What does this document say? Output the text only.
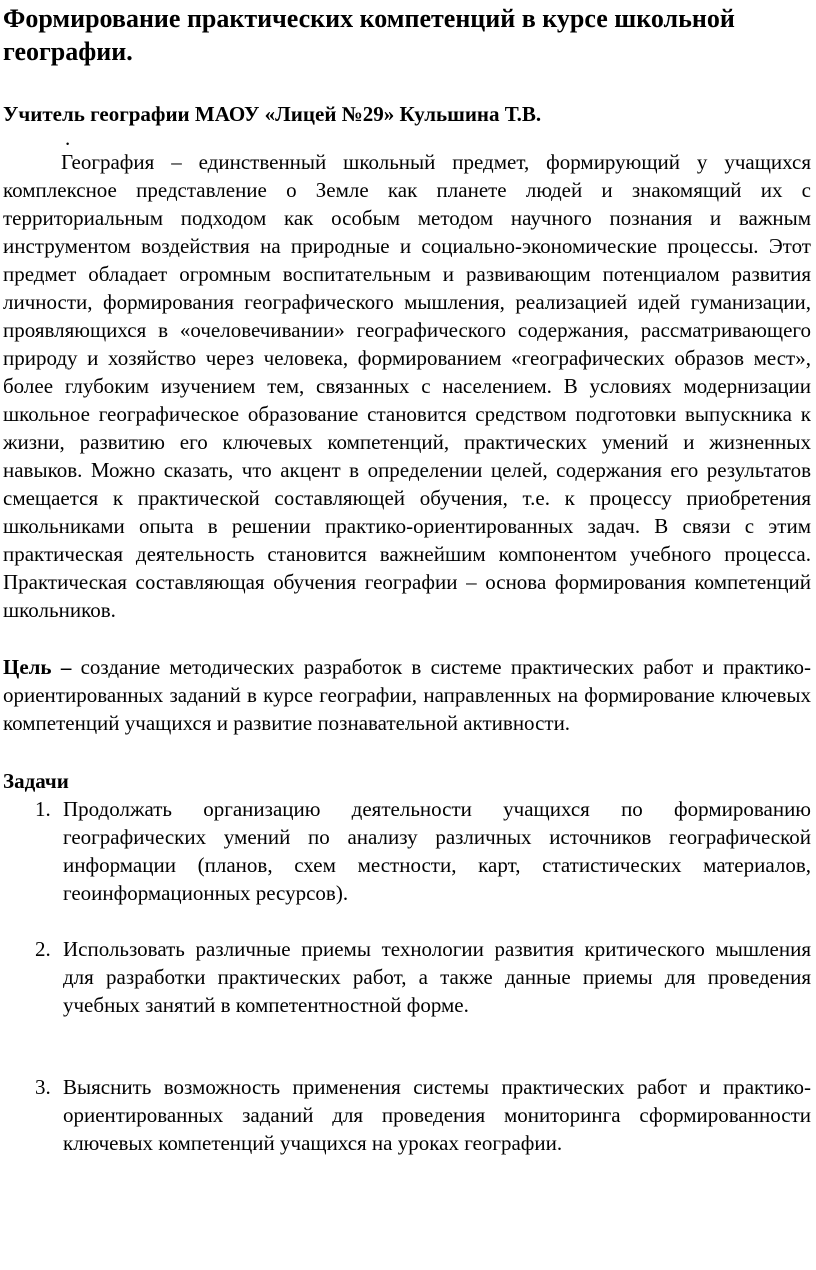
Формирование практических компетенций в курсе школьной географии.

Учитель географии МАОУ «Лицей №29» Кульшина Т.В.

.

География – единственный школьный предмет, формирующий у учащихся комплексное представление о Земле как планете людей и знакомящий их с территориальным подходом как особым методом научного познания и важным инструментом воздействия на природные и социально-экономические процессы. Этот предмет обладает огромным воспитательным и развивающим потенциалом развития личности, формирования географического мышления, реализацией идей гуманизации, проявляющихся в «очеловечивании» географического содержания, рассматривающего природу и хозяйство через человека, формированием «географических образов мест», более глубоким изучением тем, связанных с населением. В условиях модернизации школьное географическое образование становится средством подготовки выпускника к жизни, развитию его ключевых компетенций, практических умений и жизненных навыков. Можно сказать, что акцент в определении целей, содержания его результатов смещается к практической составляющей обучения, т.е. к процессу приобретения школьниками опыта в решении практико-ориентированных задач. В связи с этим практическая деятельность становится важнейшим компонентом учебного процесса. Практическая составляющая обучения географии – основа формирования компетенций школьников.

Цель – создание методических разработок в системе практических работ и практико-ориентированных заданий в курсе географии, направленных на формирование ключевых компетенций учащихся и развитие познавательной активности.

Задачи

1. Продолжать организацию деятельности учащихся по формированию географических умений по анализу различных источников географической информации (планов, схем местности, карт, статистических материалов, геоинформационных ресурсов).
2. Использовать различные приемы технологии развития критического мышления для разработки практических работ, а также данные приемы для проведения учебных занятий в компетентностной форме.
3. Выяснить возможность применения системы практических работ и практико-ориентированных заданий для проведения мониторинга сформированности ключевых компетенций учащихся на уроках географии.
